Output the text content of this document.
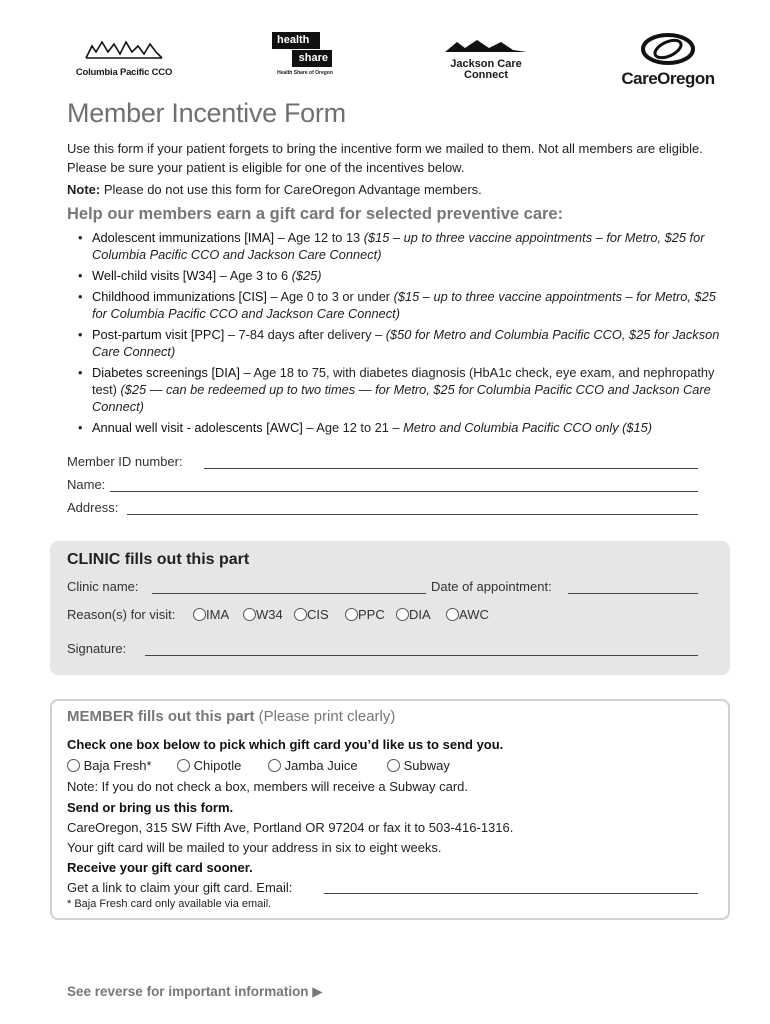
Columbia Pacific CCO
health
share
Health Share of Oregon
Jackson Care
Connect	CareOregon
Member Incentive Form
Use this form if your patient forgets to bring the incentive form we mailed to them. Not all members are eligible. Please be sure your patient is eligible for one of the incentives below.
Note: Please do not use this form for CareOregon Advantage members.
Help our members earn a gift card for selected preventive care:
• Adolescent immunizations [IMA] – Age 12 to 13 ($15 – up to three vaccine appointments – for Metro, $25 for Columbia Pacific CCO and Jackson Care Connect)
• Well-child visits [W34] – Age 3 to 6 ($25)
• Childhood immunizations [CIS] – Age 0 to 3 or under ($15 – up to three vaccine appointments – for Metro, $25 for Columbia Pacific CCO and Jackson Care Connect)
• Post-partum visit [PPC] – 7-84 days after delivery – ($50 for Metro and Columbia Pacific CCO, $25 for Jackson Care Connect)
• Diabetes screenings [DIA] – Age 18 to 75, with diabetes diagnosis (HbA1c check, eye exam, and nephropathy test) ($25 — can be redeemed up to two times — for Metro, $25 for Columbia Pacific CCO and Jackson Care Connect)
• Annual well visit - adolescents [AWC] – Age 12 to 21 – Metro and Columbia Pacific CCO only ($15)
Member ID number:
Name:
Address:
CLINIC fills out this part
Clinic name:	Date of appointment:
Reason(s) for visit:	IMA	W34	CIS	PPC	DIA	AWC
Signature:
MEMBER fills out this part (Please print clearly)
Check one box below to pick which gift card you’d like us to send you.
Baja Fresh*	Chipotle	Jamba Juice	Subway
Note: If you do not check a box, members will receive a Subway card.
Send or bring us this form.
CareOregon, 315 SW Fifth Ave, Portland OR 97204 or fax it to 503-416-1316.
Your gift card will be mailed to your address in six to eight weeks.
Receive your gift card sooner.
Get a link to claim your gift card. Email:
* Baja Fresh card only available via email.
See reverse for important information ▶
